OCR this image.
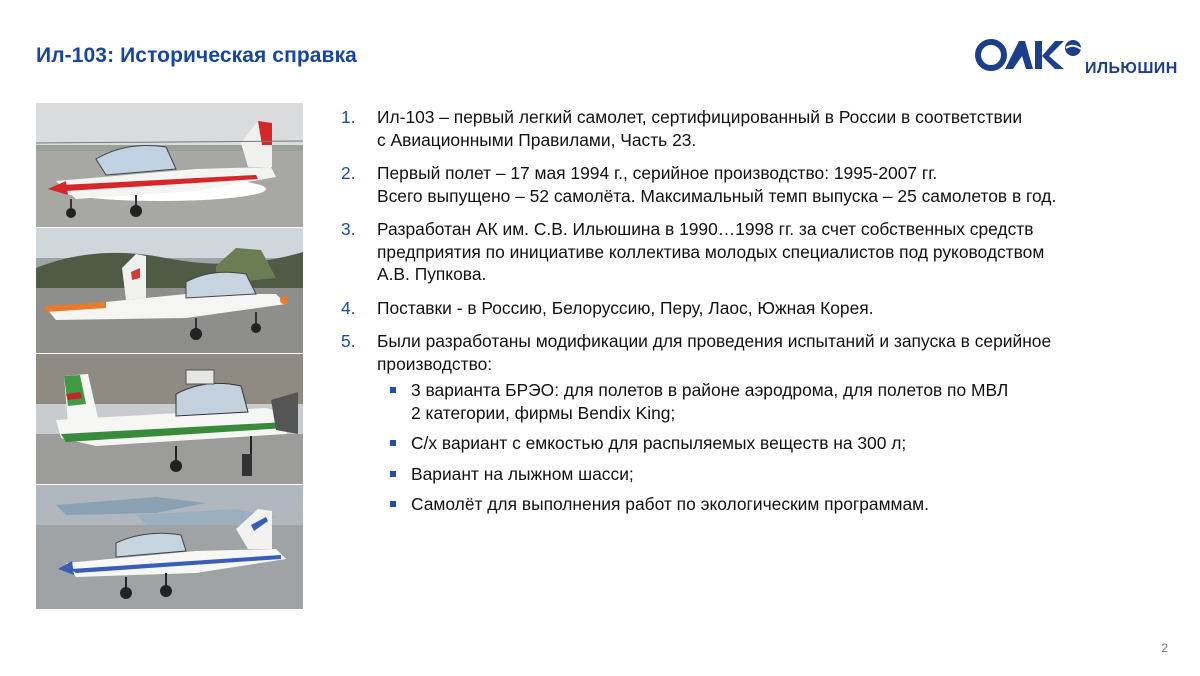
Ил-103: Историческая справка
ИЛЬЮШИН
1. Ил-103 – первый легкий самолет, сертифицированный в России в соответствии
с Авиационными Правилами, Часть 23.
2. Первый полет – 17 мая 1994 г., серийное производство: 1995-2007 гг.
Всего выпущено – 52 самолёта. Максимальный темп выпуска – 25 самолетов в год.
3. Разработан АК им. С.В. Ильюшина в 1990…1998 гг. за счет собственных средств
предприятия по инициативе коллектива молодых специалистов под руководством
А.В. Пупкова.
4. Поставки - в Россию, Белоруссию, Перу, Лаос, Южная Корея.
5. Были разработаны модификации для проведения испытаний и запуска в серийное
производство:
3 варианта БРЭО: для полетов в районе аэродрома, для полетов по МВЛ
2 категории, фирмы Bendix King;
С/х вариант с емкостью для распыляемых веществ на 300 л;
Вариант на лыжном шасси;
Самолёт для выполнения работ по экологическим программам.
2
